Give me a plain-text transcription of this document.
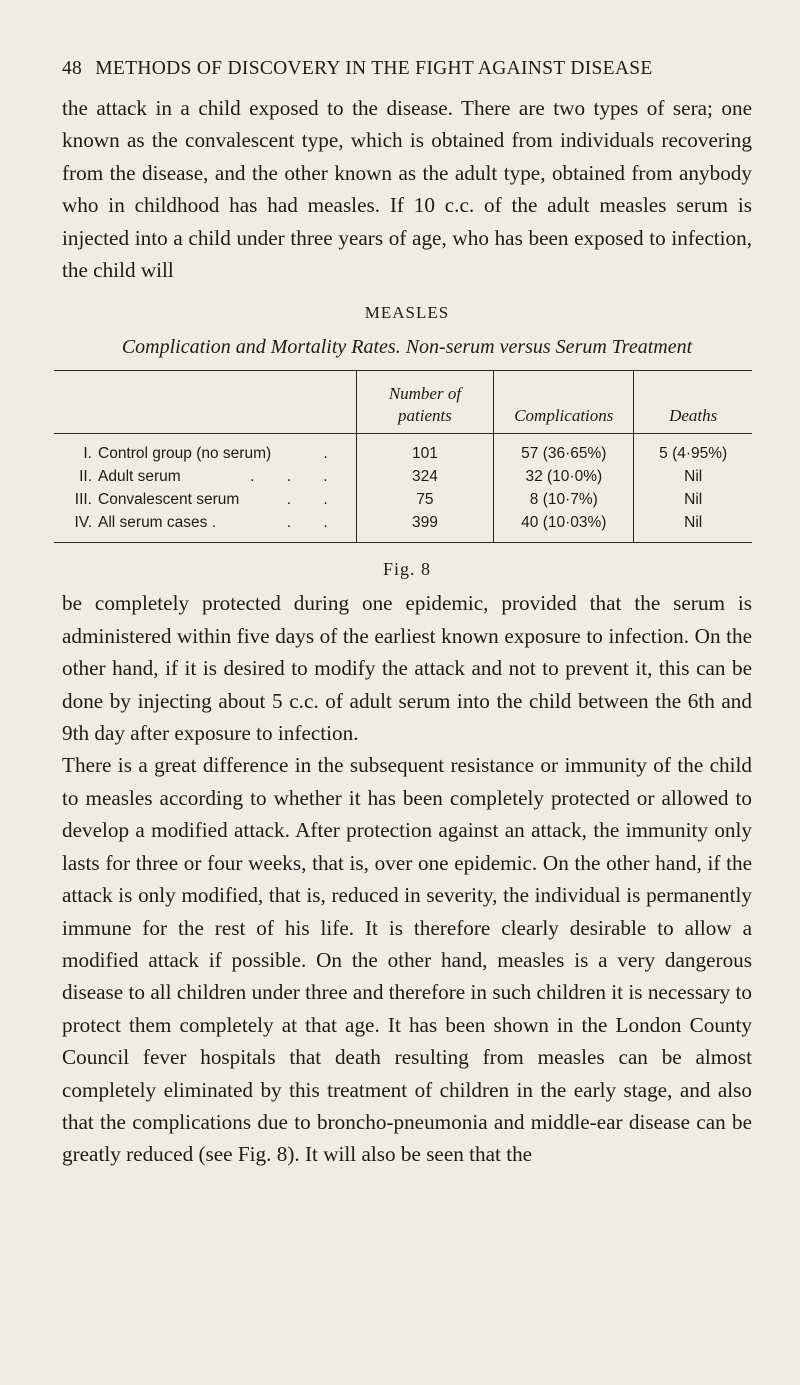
48 METHODS OF DISCOVERY IN THE FIGHT AGAINST DISEASE

the attack in a child exposed to the disease. There are two types of sera; one known as the convalescent type, which is obtained from individuals recovering from the disease, and the other known as the adult type, obtained from anybody who in childhood has had measles. If 10 c.c. of the adult measles serum is injected into a child under three years of age, who has been exposed to infection, the child will

MEASLES
Complication and Mortality Rates. Non-serum versus Serum Treatment
	Number of patients	Complications	Deaths
I. Control group (no serum) .	101	57 (36·65%)	5 (4·95%)
II. Adult serum . . .	324	32 (10·0%)	Nil
III. Convalescent serum . .	75	8 (10·7%)	Nil
IV. All serum cases . . .	399	40 (10·03%)	Nil
Fig. 8

be completely protected during one epidemic, provided that the serum is administered within five days of the earliest known exposure to infection. On the other hand, if it is desired to modify the attack and not to prevent it, this can be done by injecting about 5 c.c. of adult serum into the child between the 6th and 9th day after exposure to infection.

There is a great difference in the subsequent resistance or immunity of the child to measles according to whether it has been completely protected or allowed to develop a modified attack. After protection against an attack, the immunity only lasts for three or four weeks, that is, over one epidemic. On the other hand, if the attack is only modified, that is, reduced in severity, the individual is permanently immune for the rest of his life. It is therefore clearly desirable to allow a modified attack if possible. On the other hand, measles is a very dangerous disease to all children under three and therefore in such children it is necessary to protect them completely at that age. It has been shown in the London County Council fever hospitals that death resulting from measles can be almost completely eliminated by this treatment of children in the early stage, and also that the complications due to broncho-pneumonia and middle-ear disease can be greatly reduced (see Fig. 8). It will also be seen that the
